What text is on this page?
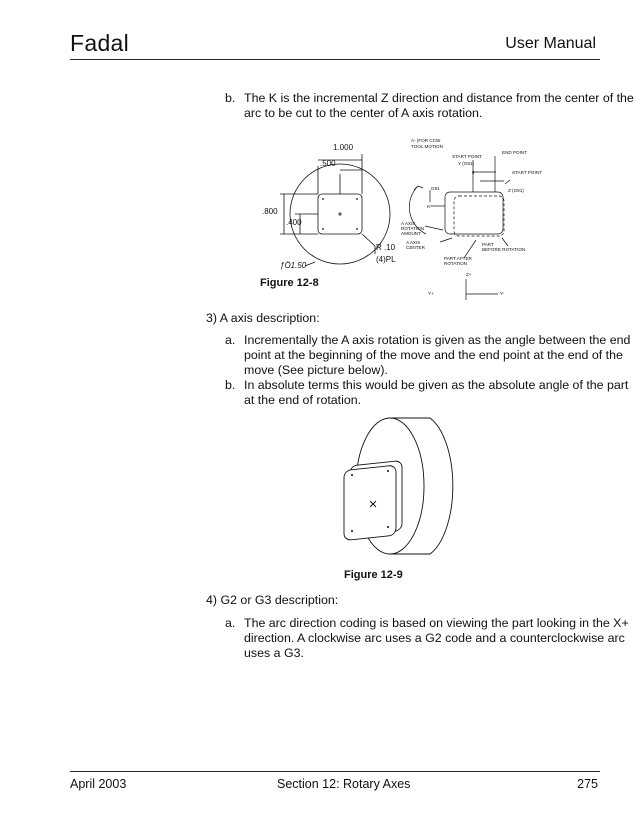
Fadal	User Manual
b. The K is the incremental Z direction and distance from the center of the
arc to be cut to the center of A axis rotation.
1.000
.500
.800
.400
R .10
(4)PL
ƒÖ1.50
A- (FOR CCW
TOOL MOTION
END POINT
START POINT
Y (G91)
J	START POINT
Z (G91)
G91
K
A AXIS
ROTATION
AMOUNT
A AXIS
CENTER
PART
BEFORE ROTATION
PART AFTER
ROTATION
Z+
Y+	Y-
Figure 12-8
3) A axis description:
a. Incrementally the A axis rotation is given as the angle between the end
point at the beginning of the move and the end point at the end of the
move (See picture below).
b. In absolute terms this would be given as the absolute angle of the part
at the end of rotation.
Figure 12-9
4) G2 or G3 description:
a. The arc direction coding is based on viewing the part looking in the X+
direction. A clockwise arc uses a G2 code and a counterclockwise arc
uses a G3.
April 2003	Section 12: Rotary Axes	275
